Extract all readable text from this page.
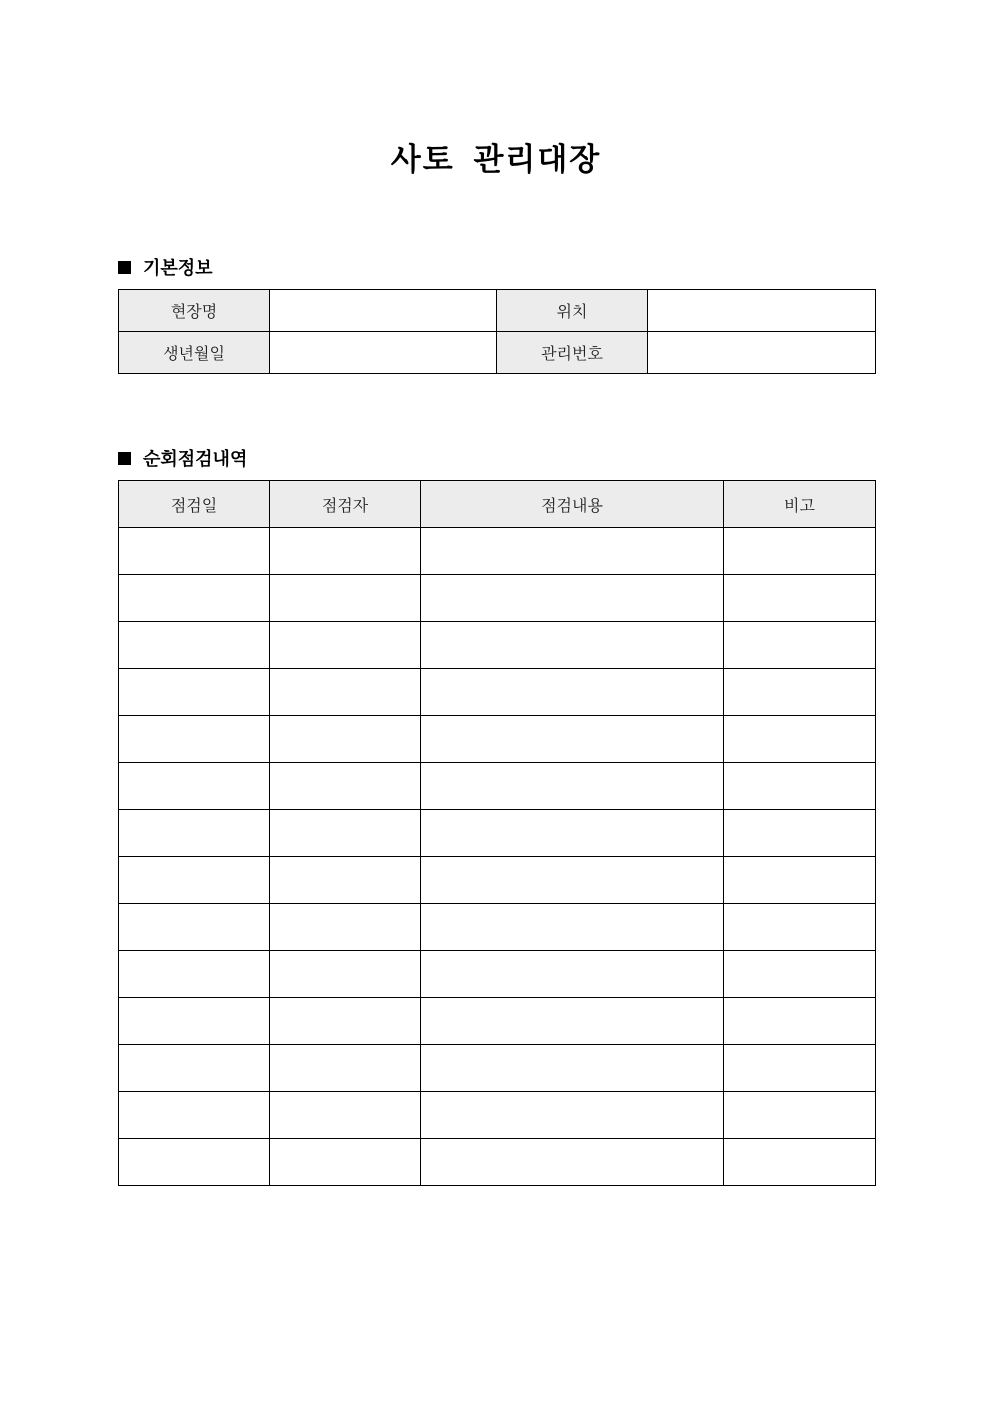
사토 관리대장
기본정보
현장명		위치	
생년월일		관리번호	
순회점검내역
점검일	점검자	점검내용	비고
